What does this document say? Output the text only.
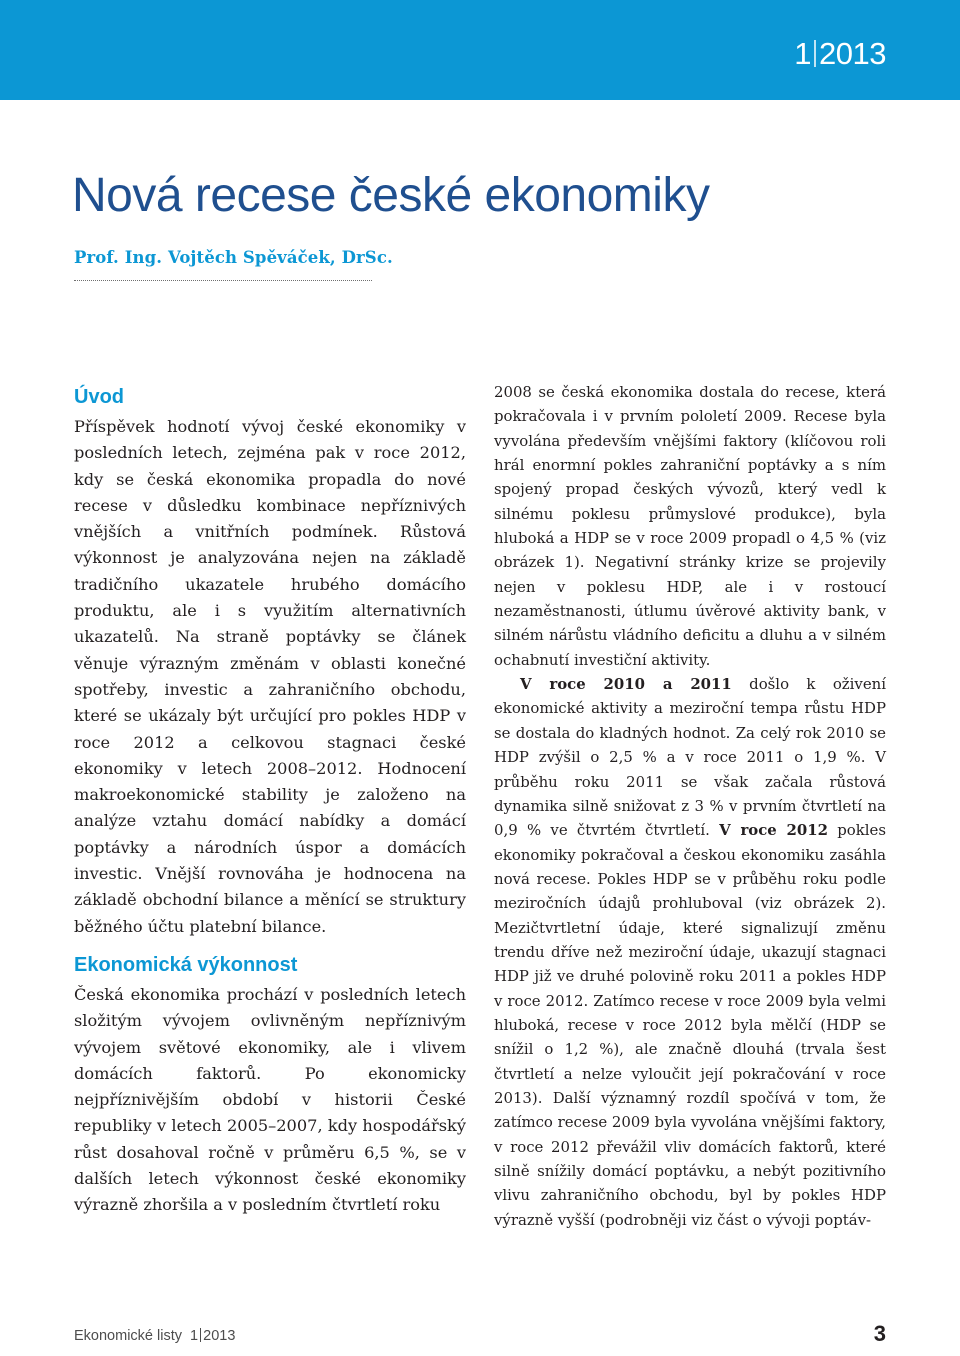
1 2013
Nová recese české ekonomiky
Prof. Ing. Vojtěch Spěváček, DrSc.
Úvod

Příspěvek hodnotí vývoj české ekonomiky v posledních letech, zejména pak v roce 2012, kdy se česká ekonomika propadla do nové recese v důsledku kombinace nepříznivých vnějších a vnitřních podmínek. Růstová výkonnost je analyzována nejen na základě tradičního ukazatele hrubého domácího produktu, ale i s využitím alternativních ukazatelů. Na straně poptávky se článek věnuje výrazným změnám v oblasti konečné spotřeby, investic a zahraničního obchodu, které se ukázaly být určující pro pokles HDP v roce 2012 a celkovou stagnaci české ekonomiky v letech 2008–2012. Hodnocení makroekonomické stability je založeno na analýze vztahu domácí nabídky a domácí poptávky a národních úspor a domácích investic. Vnější rovnováha je hodnocena na základě obchodní bilance a měnící se struktury běžného účtu platební bilance.

Ekonomická výkonnost

Česká ekonomika prochází v posledních letech složitým vývojem ovlivněným nepříznivým vývojem světové ekonomiky, ale i vlivem domácích faktorů. Po ekonomicky nejpříznivějším období v historii České republiky v letech 2005–2007, kdy hospodářský růst dosahoval ročně v průměru 6,5 %, se v dalších letech výkonnost české ekonomiky výrazně zhoršila a v posledním čtvrtletí roku

2008 se česká ekonomika dostala do recese, která pokračovala i v prvním pololetí 2009. Recese byla vyvolána především vnějšími faktory (klíčovou roli hrál enormní pokles zahraniční poptávky a s ním spojený propad českých vývozů, který vedl k silnému poklesu průmyslové produkce), byla hluboká a HDP se v roce 2009 propadl o 4,5 % (viz obrázek 1). Negativní stránky krize se projevily nejen v poklesu HDP, ale i v rostoucí nezaměstnanosti, útlumu úvěrové aktivity bank, v silném nárůstu vládního deficitu a dluhu a v silném ochabnutí investiční aktivity.

V roce 2010 a 2011 došlo k oživení ekonomické aktivity a meziroční tempa růstu HDP se dostala do kladných hodnot. Za celý rok 2010 se HDP zvýšil o 2,5 % a v roce 2011 o 1,9 %. V průběhu roku 2011 se však začala růstová dynamika silně snižovat z 3 % v prvním čtvrtletí na 0,9 % ve čtvrtém čtvrtletí. V roce 2012 pokles ekonomiky pokračoval a českou ekonomiku zasáhla nová recese. Pokles HDP se v průběhu roku podle meziročních údajů prohluboval (viz obrázek 2). Mezičtvrtletní údaje, které signalizují změnu trendu dříve než meziroční údaje, ukazují stagnaci HDP již ve druhé polovině roku 2011 a pokles HDP v roce 2012. Zatímco recese v roce 2009 byla velmi hluboká, recese v roce 2012 byla mělčí (HDP se snížil o 1,2 %), ale značně dlouhá (trvala šest čtvrtletí a nelze vyloučit její pokračování v roce 2013). Další významný rozdíl spočívá v tom, že zatímco recese 2009 byla vyvolána vnějšími faktory, v roce 2012 převážil vliv domácích faktorů, které silně snížily domácí poptávku, a nebýt pozitivního vlivu zahraničního obchodu, byl by pokles HDP výrazně vyšší (podrobněji viz část o vývoji poptáv-

Ekonomické listy 1 2013	3
